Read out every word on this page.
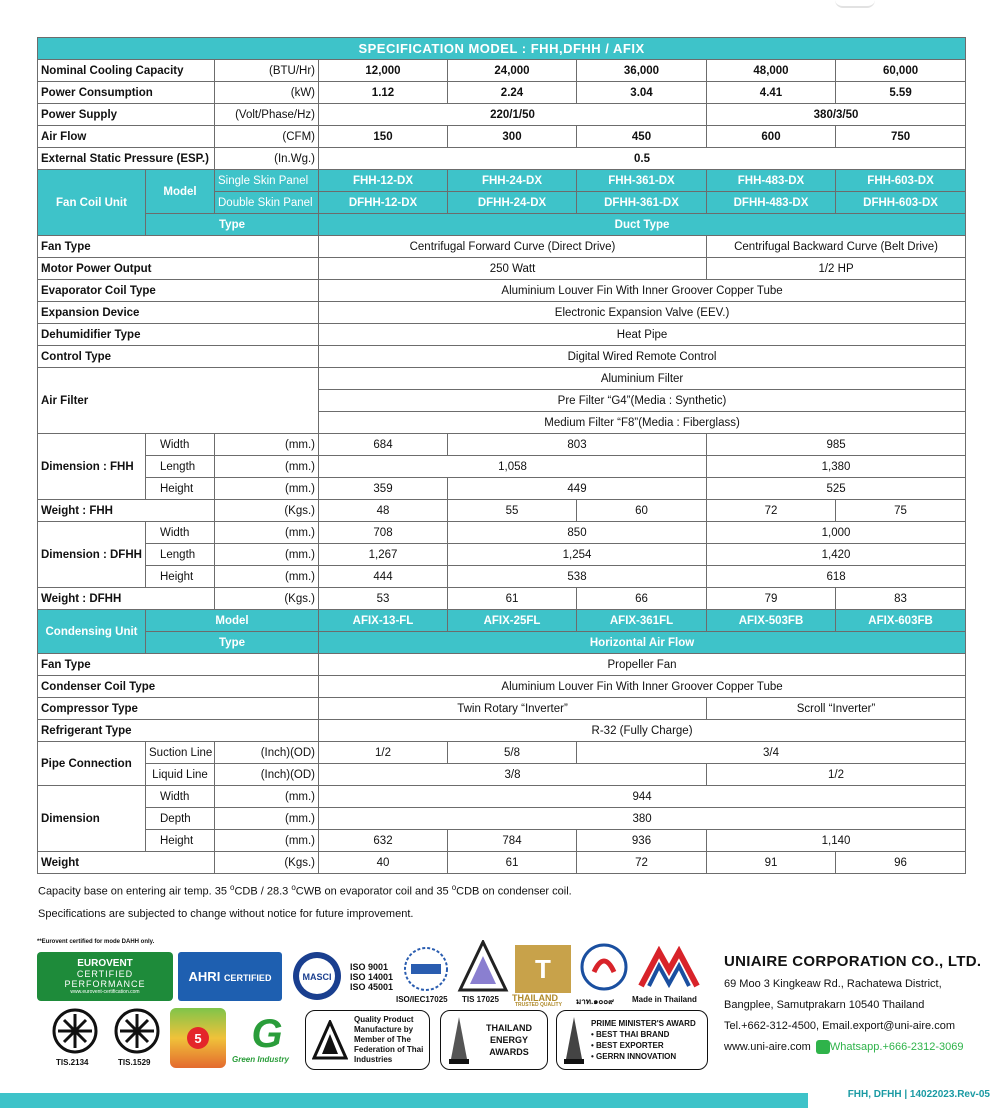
SPECIFICATION MODEL : FHH,DFHH / AFIX							
Nominal Cooling Capacity		(BTU/Hr)	12,000	24,000	36,000	48,000	60,000
Power Consumption		(kW)	1.12	2.24	3.04	4.41	5.59
Power Supply		(Volt/Phase/Hz)	220/1/50			380/3/50	
Air Flow		(CFM)	150	300	450	600	750
External Static Pressure (ESP.)		(In.Wg.)	0.5				
Fan Coil Unit	Model	Single Skin Panel	FHH-12-DX	FHH-24-DX	FHH-361-DX	FHH-483-DX	FHH-603-DX
		Double Skin Panel	DFHH-12-DX	DFHH-24-DX	DFHH-361-DX	DFHH-483-DX	DFHH-603-DX
	Type		Duct Type				
Fan Type			Centrifugal Forward Curve (Direct Drive)			Centrifugal Backward Curve (Belt Drive)	
Motor Power Output			250 Watt			1/2 HP	
Evaporator Coil Type			Aluminium Louver Fin With Inner Groover Copper Tube				
Expansion Device			Electronic Expansion Valve (EEV.)				
Dehumidifier Type			Heat Pipe				
Control Type			Digital Wired Remote Control				
Air Filter			Aluminium Filter				
			Pre Filter “G4”(Media : Synthetic)				
			Medium Filter “F8”(Media : Fiberglass)				
Dimension : FHH	Width	(mm.)	684	803		985	
	Length	(mm.)	1,058			1,380	
	Height	(mm.)	359	449		525	
Weight : FHH		(Kgs.)	48	55	60	72	75
Dimension : DFHH	Width	(mm.)	708	850		1,000	
	Length	(mm.)	1,267	1,254		1,420	
	Height	(mm.)	444	538		618	
Weight : DFHH		(Kgs.)	53	61	66	79	83
Condensing Unit	Model		AFIX-13-FL	AFIX-25FL	AFIX-361FL	AFIX-503FB	AFIX-603FB
	Type		Horizontal Air Flow				
Fan Type			Propeller Fan				
Condenser Coil Type			Aluminium Louver Fin With Inner Groover Copper Tube				
Compressor Type			Twin Rotary “Inverter”			Scroll “Inverter”	
Refrigerant Type			R-32 (Fully Charge)				
Pipe Connection	Suction Line	(Inch)(OD)	1/2	5/8	3/4		
	Liquid Line	(Inch)(OD)	3/8			1/2	
Dimension	Width	(mm.)	944				
	Depth	(mm.)	380				
	Height	(mm.)	632	784	936	1,140	
Weight		(Kgs.)	40	61	72	91	96
Capacity base on entering air temp. 35 $^o$CDB / 28.3 $^o$CWB on evaporator coil and 35 $^o$CDB on condenser coil.
Specifications are subjected to change without notice for future improvement.
**Eurovent certified for mode DAHH only.
EUROVENT
CERTIFIED
PERFORMANCE
www.eurovent-certification.com
AHRI CERTIFIED	MASCI
ISO 9001
ISO 14001
ISO 45001
ISO/IEC17025 TIS 17025
T
THAILAND
TRUSTED QUALITY มาท.๑๐๐๙ Made in Thailand
TIS.2134	TIS.1529
5	G
Green Industry
Quality Product Manufacture by Member of The Federation of Thai Industries
THAILAND ENERGY AWARDS
PRIME MINISTER'S AWARD
• BEST THAI BRAND
• BEST EXPORTER
• GERRN INNOVATION
UNIAIRE CORPORATION CO., LTD.
69 Moo 3 Kingkeaw Rd., Rachatewa District,
Bangplee, Samutprakarn 10540 Thailand
Tel.+662-312-4500, Email.export@uni-aire.com
www.uni-aire.com Whatsapp.+666-2312-3069
FHH, DFHH | 14022023.Rev-05
